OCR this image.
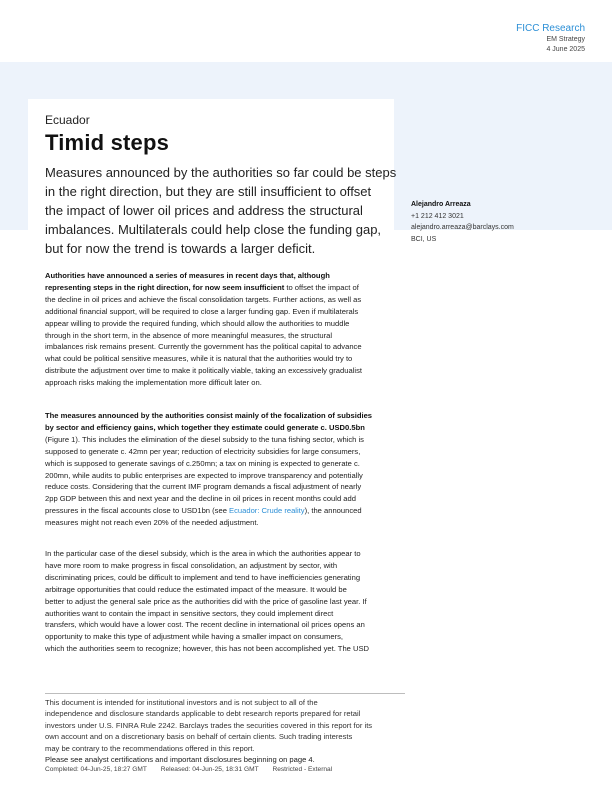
FICC Research
EM Strategy
4 June 2025
Ecuador
Timid steps
Measures announced by the authorities so far could be steps
in the right direction, but they are still insufficient to offset
the impact of lower oil prices and address the structural
imbalances. Multilaterals could help close the funding gap,
but for now the trend is towards a larger deficit.
Alejandro Arreaza
+1 212 412 3021
alejandro.arreaza@barclays.com
BCI, US
Authorities have announced a series of measures in recent days that, although
representing steps in the right direction, for now seem insufficient to offset the impact of
the decline in oil prices and achieve the fiscal consolidation targets. Further actions, as well as
additional financial support, will be required to close a larger funding gap. Even if multilaterals
appear willing to provide the required funding, which should allow the authorities to muddle
through in the short term, in the absence of more meaningful measures, the structural
imbalances risk remains present. Currently the government has the political capital to advance
what could be political sensitive measures, while it is natural that the authorities would try to
distribute the adjustment over time to make it politically viable, taking an excessively gradualist
approach risks making the implementation more difficult later on.
The measures announced by the authorities consist mainly of the focalization of subsidies
by sector and efficiency gains, which together they estimate could generate c. USD0.5bn
(Figure 1). This includes the elimination of the diesel subsidy to the tuna fishing sector, which is
supposed to generate c. 42mn per year; reduction of electricity subsidies for large consumers,
which is supposed to generate savings of c.250mn; a tax on mining is expected to generate c.
200mn, while audits to public enterprises are expected to improve transparency and potentially
reduce costs. Considering that the current IMF program demands a fiscal adjustment of nearly
2pp GDP between this and next year and the decline in oil prices in recent months could add
pressures in the fiscal accounts close to USD1bn (see Ecuador: Crude reality), the announced
measures might not reach even 20% of the needed adjustment.
In the particular case of the diesel subsidy, which is the area in which the authorities appear to
have more room to make progress in fiscal consolidation, an adjustment by sector, with
discriminating prices, could be difficult to implement and tend to have inefficiencies generating
arbitrage opportunities that could reduce the estimated impact of the measure. It would be
better to adjust the general sale price as the authorities did with the price of gasoline last year. If
authorities want to contain the impact in sensitive sectors, they could implement direct
transfers, which would have a lower cost. The recent decline in international oil prices opens an
opportunity to make this type of adjustment while having a smaller impact on consumers,
which the authorities seem to recognize; however, this has not been accomplished yet. The USD
This document is intended for institutional investors and is not subject to all of the
independence and disclosure standards applicable to debt research reports prepared for retail
investors under U.S. FINRA Rule 2242. Barclays trades the securities covered in this report for its
own account and on a discretionary basis on behalf of certain clients. Such trading interests
may be contrary to the recommendations offered in this report.
Please see analyst certifications and important disclosures beginning on page 4.
Completed: 04-Jun-25, 18:27 GMT Released: 04-Jun-25, 18:31 GMT Restricted - External
